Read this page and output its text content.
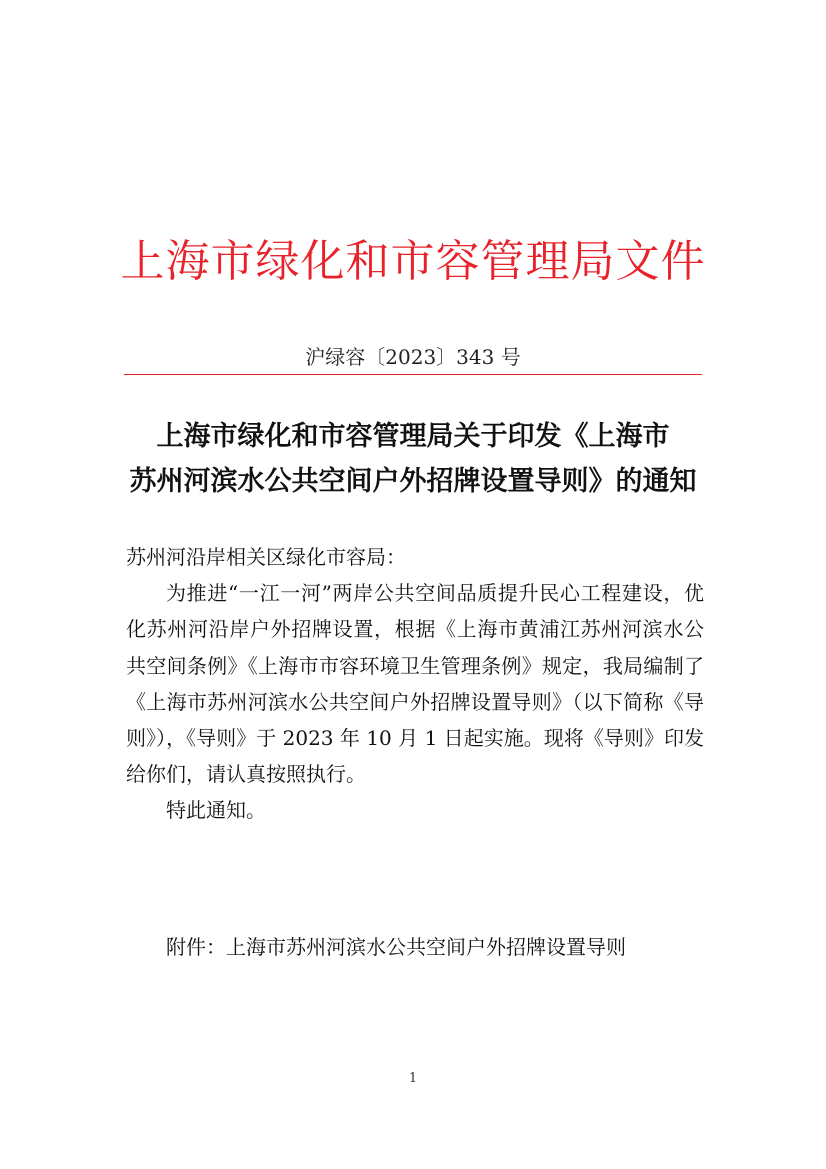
上海市绿化和市容管理局文件
沪绿容〔2023〕343 号
上海市绿化和市容管理局关于印发《上海市
苏州河滨水公共空间户外招牌设置导则》的通知

苏州河沿岸相关区绿化市容局：

为推进“一江一河”两岸公共空间品质提升民心工程建设，优化苏州河沿岸户外招牌设置，根据《上海市黄浦江苏州河滨水公共空间条例》《上海市市容环境卫生管理条例》规定，我局编制了《上海市苏州河滨水公共空间户外招牌设置导则》（以下简称《导则》），《导则》于 2023 年 10 月 1 日起实施。现将《导则》印发给你们，请认真按照执行。

特此通知。

附件：上海市苏州河滨水公共空间户外招牌设置导则
1
